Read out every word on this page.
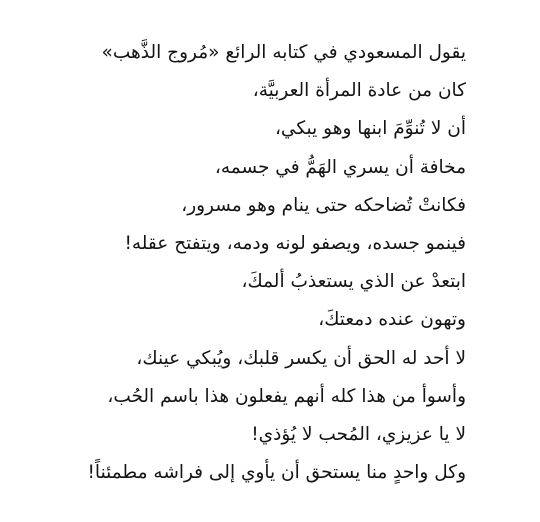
يقول المسعودي في كتابه الرائع «مُروج الذَّهب»
كان من عادة المرأة العربيَّة،
أن لا تُنوِّمَ ابنها وهو يبكي،
مخافة أن يسري الهَمُّ في جسمه،
فكانتْ تُضاحكه حتى ينام وهو مسرور،
فينمو جسده، ويصفو لونه ودمه، ويتفتح عقله!
ابتعدْ عن الذي يستعذبُ ألمكَ،
وتهون عنده دمعتكَ،
لا أحد له الحق أن يكسر قلبك، ويُبكي عينك،
وأسوأ من هذا كله أنهم يفعلون هذا باسم الحُب،
لا يا عزيزي، المُحب لا يُؤذي!
وكل واحدٍ منا يستحق أن يأوي إلى فراشه مطمئناً!
